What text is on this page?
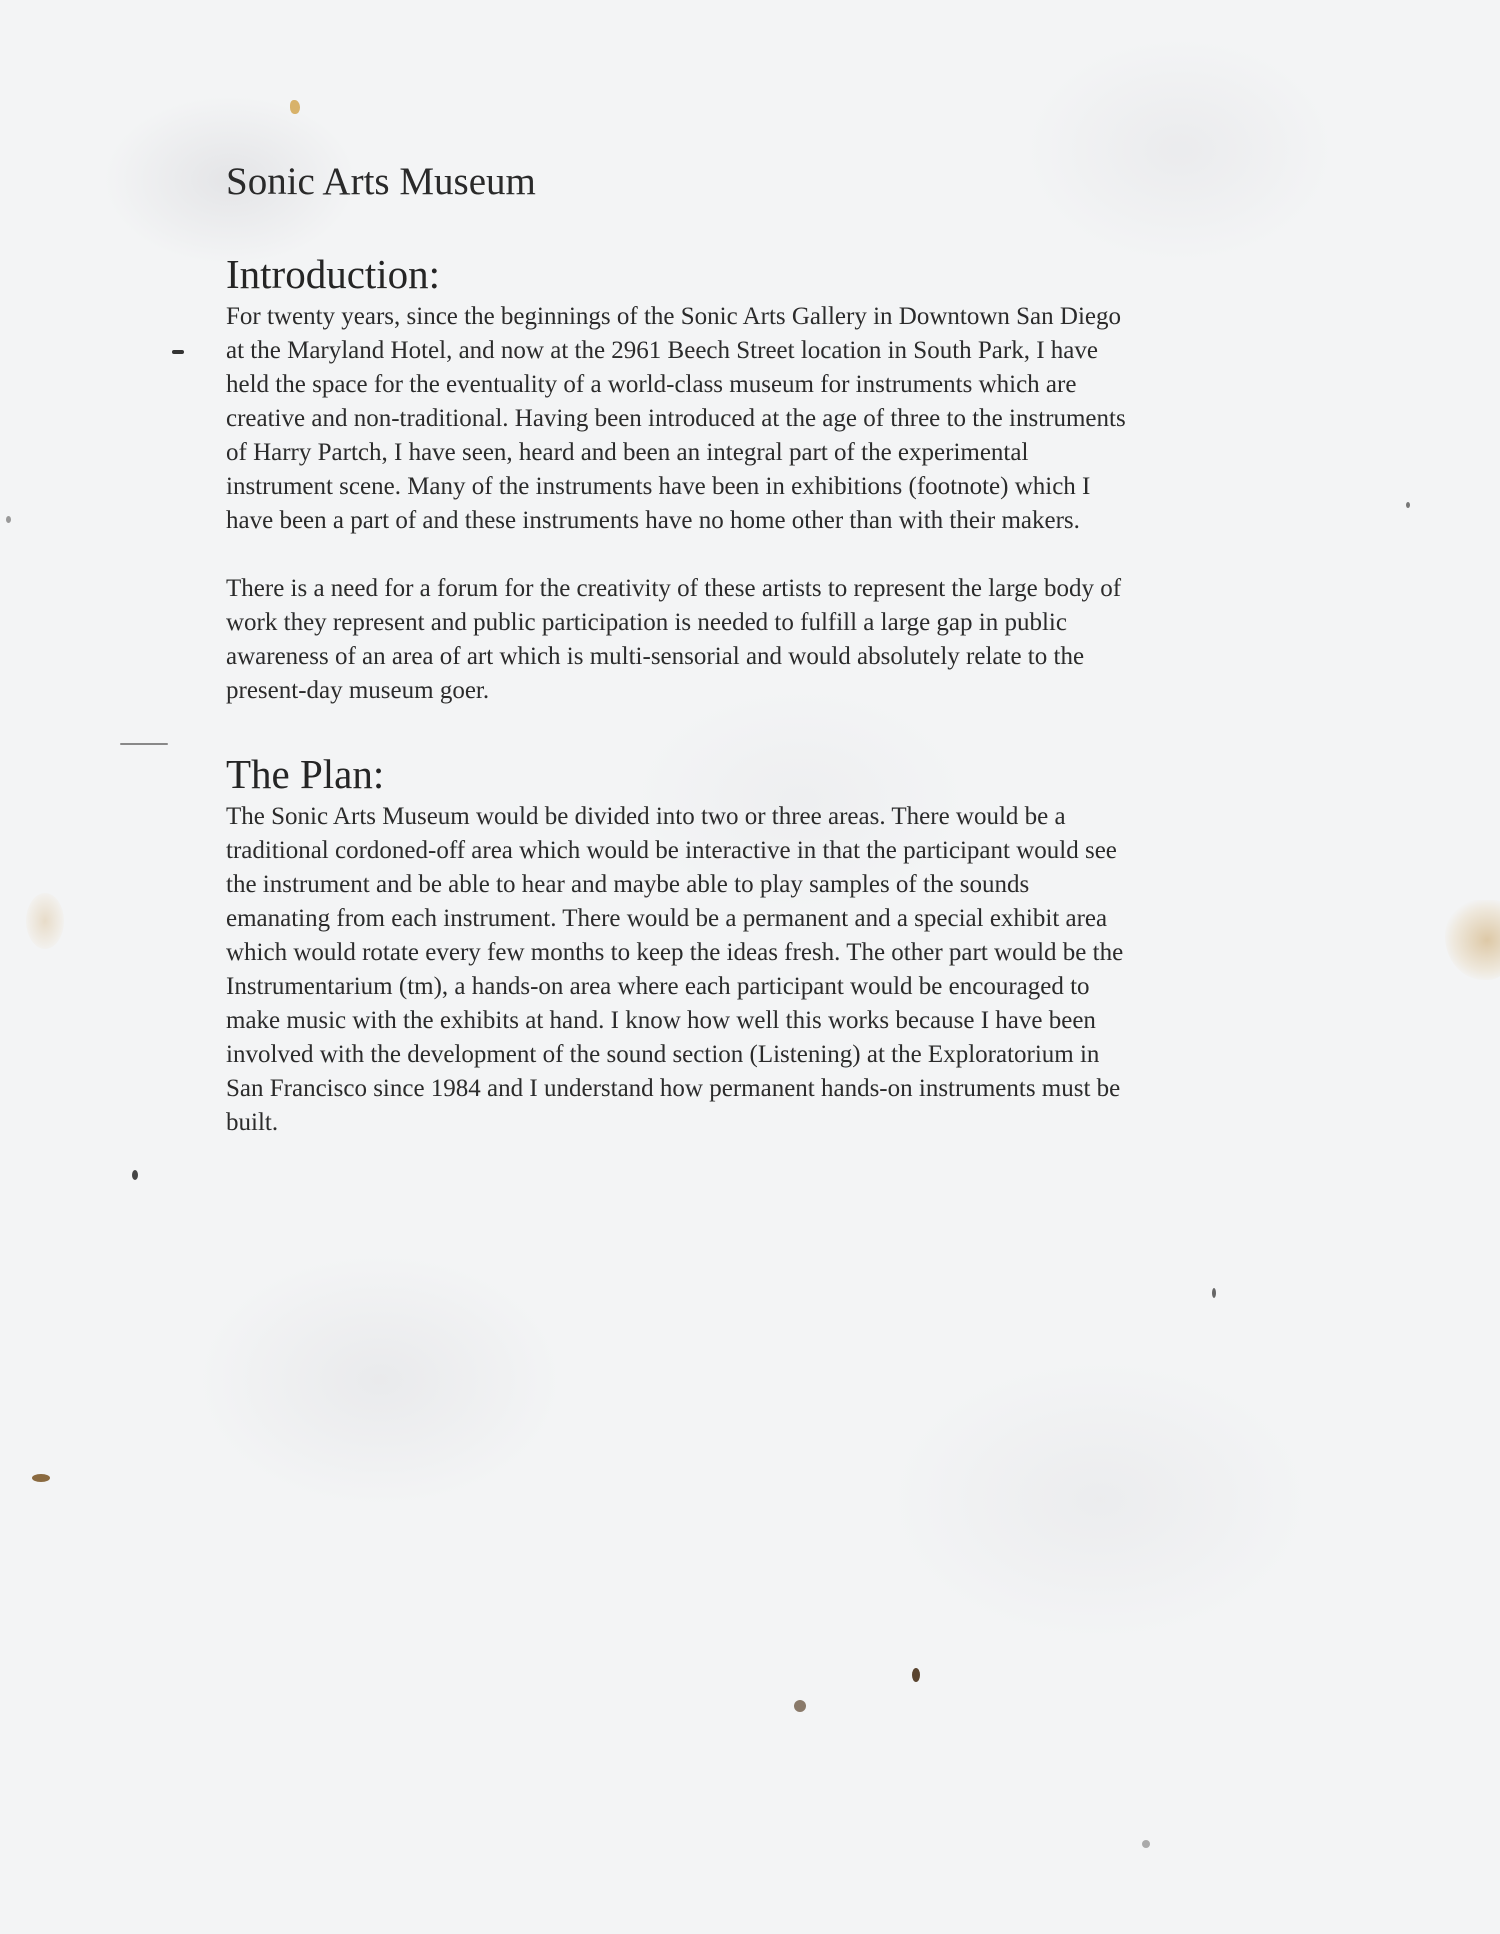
Sonic Arts Museum
Introduction:

For twenty years, since the beginnings of the Sonic Arts Gallery in Downtown San Diego
at the Maryland Hotel, and now at the 2961 Beech Street location in South Park, I have
held the space for the eventuality of a world-class museum for instruments which are
creative and non-traditional. Having been introduced at the age of three to the instruments
of Harry Partch, I have seen, heard and been an integral part of the experimental
instrument scene. Many of the instruments have been in exhibitions (footnote) which I
have been a part of and these instruments have no home other than with their makers.

There is a need for a forum for the creativity of these artists to represent the large body of
work they represent and public participation is needed to fulfill a large gap in public
awareness of an area of art which is multi-sensorial and would absolutely relate to the
present-day museum goer.

The Plan:

The Sonic Arts Museum would be divided into two or three areas. There would be a
traditional cordoned-off area which would be interactive in that the participant would see
the instrument and be able to hear and maybe able to play samples of the sounds
emanating from each instrument. There would be a permanent and a special exhibit area
which would rotate every few months to keep the ideas fresh. The other part would be the
Instrumentarium (tm), a hands-on area where each participant would be encouraged to
make music with the exhibits at hand. I know how well this works because I have been
involved with the development of the sound section (Listening) at the Exploratorium in
San Francisco since 1984 and I understand how permanent hands-on instruments must be
built.
